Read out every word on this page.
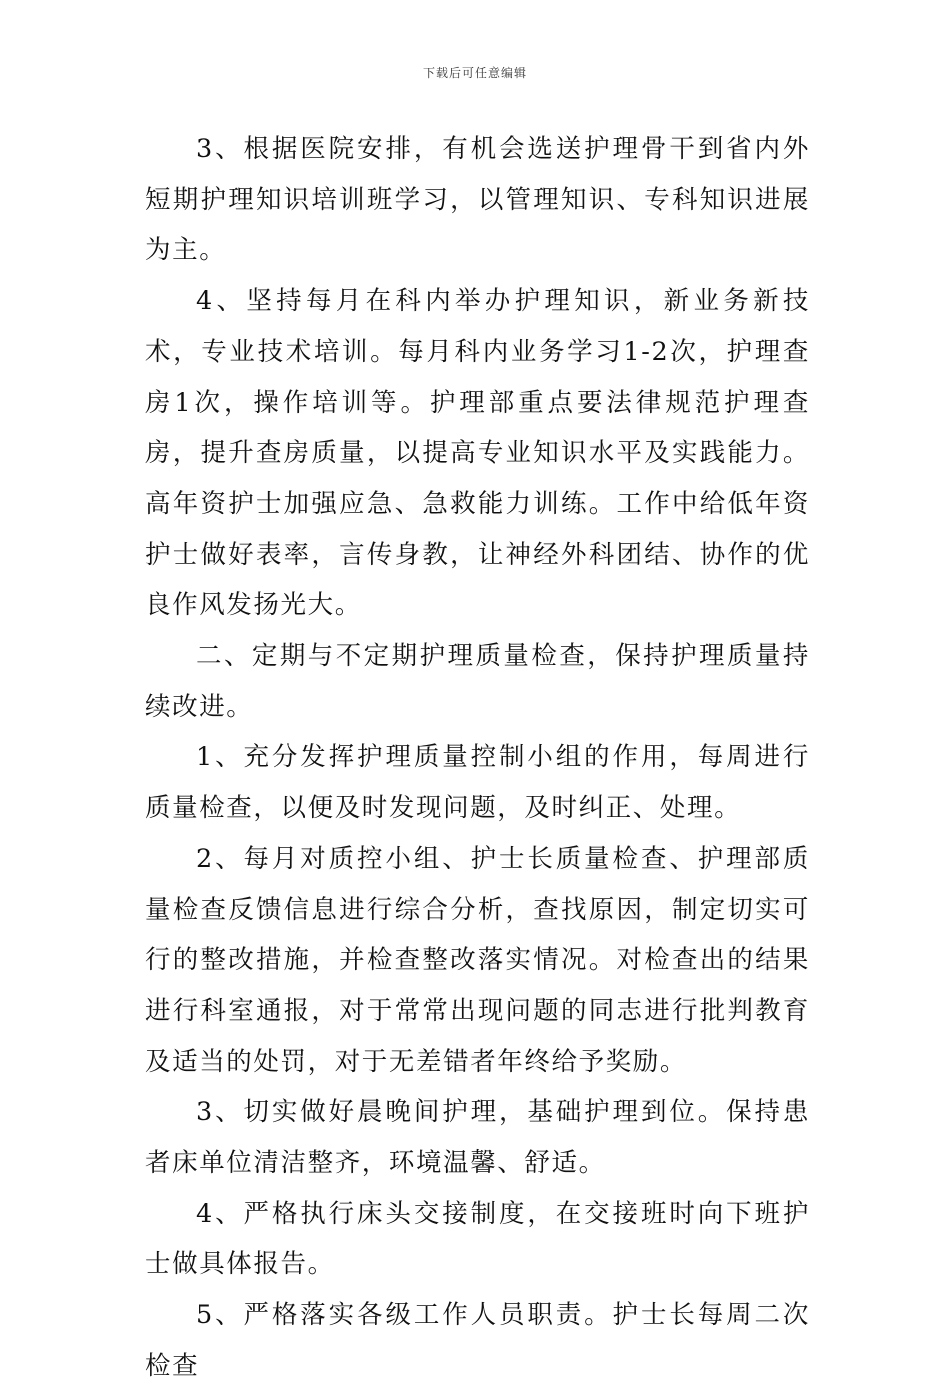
下载后可任意编辑

3、根据医院安排，有机会选送护理骨干到省内外短期护理知识培训班学习，以管理知识、专科知识进展为主。

4、坚持每月在科内举办护理知识，新业务新技术，专业技术培训。每月科内业务学习1-2次，护理查房1次，操作培训等。护理部重点要法律规范护理查房，提升查房质量，以提高专业知识水平及实践能力。高年资护士加强应急、急救能力训练。工作中给低年资护士做好表率，言传身教，让神经外科团结、协作的优良作风发扬光大。

二、定期与不定期护理质量检查，保持护理质量持续改进。

1、充分发挥护理质量控制小组的作用，每周进行质量检查，以便及时发现问题，及时纠正、处理。

2、每月对质控小组、护士长质量检查、护理部质量检查反馈信息进行综合分析，查找原因，制定切实可行的整改措施，并检查整改落实情况。对检查出的结果进行科室通报，对于常常出现问题的同志进行批判教育及适当的处罚，对于无差错者年终给予奖励。

3、切实做好晨晚间护理，基础护理到位。保持患者床单位清洁整齐，环境温馨、舒适。

4、严格执行床头交接制度，在交接班时向下班护士做具体报告。

5、严格落实各级工作人员职责。护士长每周二次检查
